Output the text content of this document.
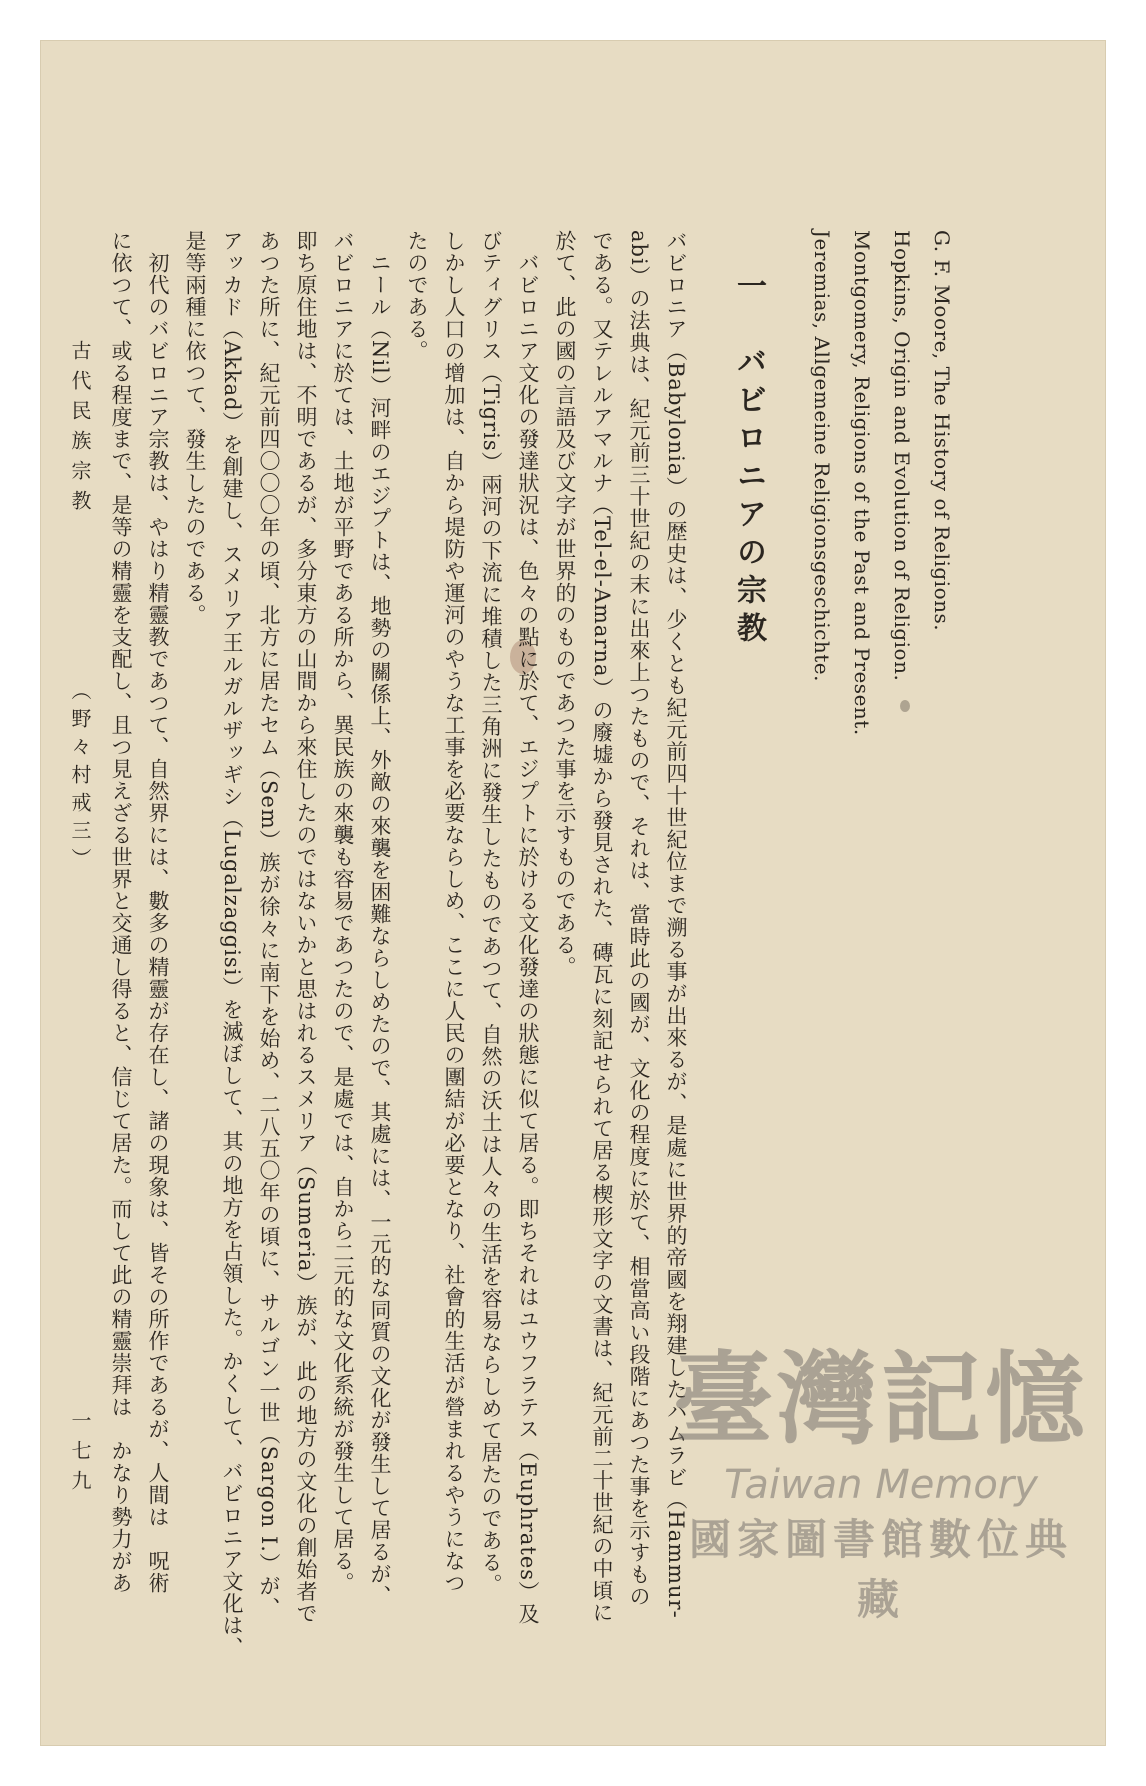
G. F. Moore, The History of Religions.
Hopkins, Origin and Evolution of Religion.
Montgomery, Religions of the Past and Present.
Jeremias, Allgemeine Religionsgeschichte.
一　バビロニアの宗教
バビロニア（Babylonia）の歴史は、少くとも紀元前四十世紀位まで溯る事が出來るが、是處に世界的帝國を翔建したハムラビ（Hammur-
abi）の法典は、紀元前三十世紀の末に出來上つたもので、それは、當時此の國が、文化の程度に於て、相當高い段階にあつた事を示すもの
である。又テレルアマルナ（Tel-el-Amarna）の廢墟から發見された、磚瓦に刻記せられて居る楔形文字の文書は、紀元前二十世紀の中頃に
於て、此の國の言語及び文字が世界的のものであつた事を示すものである。
　バビロニア文化の發達狀況は、色々の點に於て、エジプトに於ける文化發達の狀態に似て居る。即ちそれはユウフラテス（Euphrates）及
びティグリス（Tigris）兩河の下流に堆積した三角洲に發生したものであつて、自然の沃土は人々の生活を容易ならしめて居たのである。
しかし人口の增加は、自から堤防や運河のやうな工事を必要ならしめ、ここに人民の團結が必要となり、社會的生活が營まれるやうになつ
たのである。
　ニール（Nil）河畔のエジプトは、地勢の關係上、外敵の來襲を困難ならしめたので、其處には、一元的な同質の文化が發生して居るが、
バビロニアに於ては、土地が平野である所から、異民族の來襲も容易であつたので、是處では、自から二元的な文化系統が發生して居る。
即ち原住地は、不明であるが、多分東方の山間から來住したのではないかと思はれるスメリア（Sumeria）族が、此の地方の文化の創始者で
あつた所に、紀元前四〇〇〇年の頃、北方に居たセム（Sem）族が徐々に南下を始め、二八五〇年の頃に、サルゴン一世（Sargon I.）が、
アッカド（Akkad）を創建し、スメリア王ルガルザッギシ（Lugalzaggisi）を滅ぼして、其の地方を占領した。かくして、バビロニア文化は、
是等兩種に依つて、發生したのである。
　初代のバビロニア宗教は、やはり精靈教であつて、自然界には、數多の精靈が存在し、諸の現象は、皆その所作であるが、人間は　呪術
に依つて、或る程度まで、是等の精靈を支配し、且つ見えざる世界と交通し得ると、信じて居た。而して此の精靈崇拜は　かなり勢力があ
古代民族宗教
（野々村戒三）
一七九	臺灣記憶
Taiwan Memory
國家圖書館數位典藏
